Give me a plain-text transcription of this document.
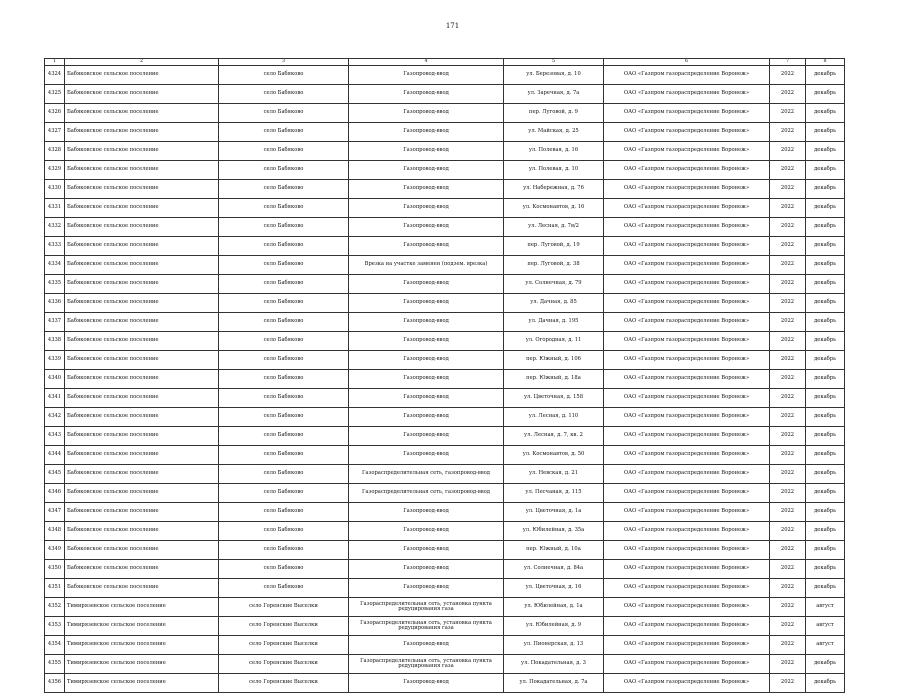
171
1	2	3	4	5	6	7	8
4324	Бабяковское сельское поселение	село Бабяково	Газопровод-ввод	ул. Березовая, д. 10	ОАО «Газпром газораспределение Воронеж»	2022	декабрь
4325	Бабяковское сельское поселение	село Бабяково	Газопровод-ввод	ул. Заречная, д. 7а	ОАО «Газпром газораспределение Воронеж»	2022	декабрь
4326	Бабяковское сельское поселение	село Бабяково	Газопровод-ввод	пер. Луговой, д. 9	ОАО «Газпром газораспределение Воронеж»	2022	декабрь
4327	Бабяковское сельское поселение	село Бабяково	Газопровод-ввод	ул. Майская, д. 25	ОАО «Газпром газораспределение Воронеж»	2022	декабрь
4328	Бабяковское сельское поселение	село Бабяково	Газопровод-ввод	ул. Полевая, д. 16	ОАО «Газпром газораспределение Воронеж»	2022	декабрь
4329	Бабяковское сельское поселение	село Бабяково	Газопровод-ввод	ул. Полевая, д. 10	ОАО «Газпром газораспределение Воронеж»	2022	декабрь
4330	Бабяковское сельское поселение	село Бабяково	Газопровод-ввод	ул. Набережная, д. 76	ОАО «Газпром газораспределение Воронеж»	2022	декабрь
4331	Бабяковское сельское поселение	село Бабяково	Газопровод-ввод	ул. Космонавтов, д. 16	ОАО «Газпром газораспределение Воронеж»	2022	декабрь
4332	Бабяковское сельское поселение	село Бабяково	Газопровод-ввод	ул. Лесная, д. 7в/2	ОАО «Газпром газораспределение Воронеж»	2022	декабрь
4333	Бабяковское сельское поселение	село Бабяково	Газопровод-ввод	пер. Луговой, д. 19	ОАО «Газпром газораспределение Воронеж»	2022	декабрь
4334	Бабяковское сельское поселение	село Бабяково	Врезка на участке заменен (подзем. врезка)	пер. Луговой, д. 38	ОАО «Газпром газораспределение Воронеж»	2022	декабрь
4335	Бабяковское сельское поселение	село Бабяково	Газопровод-ввод	ул. Солнечная, д. 79	ОАО «Газпром газораспределение Воронеж»	2022	декабрь
4336	Бабяковское сельское поселение	село Бабяково	Газопровод-ввод	ул. Дачная, д. 85	ОАО «Газпром газораспределение Воронеж»	2022	декабрь
4337	Бабяковское сельское поселение	село Бабяково	Газопровод-ввод	ул. Дачная, д. 195	ОАО «Газпром газораспределение Воронеж»	2022	декабрь
4338	Бабяковское сельское поселение	село Бабяково	Газопровод-ввод	ул. Огородная, д. 11	ОАО «Газпром газораспределение Воронеж»	2022	декабрь
4339	Бабяковское сельское поселение	село Бабяково	Газопровод-ввод	пер. Южный, д. 106	ОАО «Газпром газораспределение Воронеж»	2022	декабрь
4340	Бабяковское сельское поселение	село Бабяково	Газопровод-ввод	пер. Южный, д. 18а	ОАО «Газпром газораспределение Воронеж»	2022	декабрь
4341	Бабяковское сельское поселение	село Бабяково	Газопровод-ввод	ул. Цветочная, д. 158	ОАО «Газпром газораспределение Воронеж»	2022	декабрь
4342	Бабяковское сельское поселение	село Бабяково	Газопровод-ввод	ул. Лесная, д. 110	ОАО «Газпром газораспределение Воронеж»	2022	декабрь
4343	Бабяковское сельское поселение	село Бабяково	Газопровод-ввод	ул. Лесная, д. 7, кв. 2	ОАО «Газпром газораспределение Воронеж»	2022	декабрь
4344	Бабяковское сельское поселение	село Бабяково	Газопровод-ввод	ул. Космонавтов, д. 50	ОАО «Газпром газораспределение Воронеж»	2022	декабрь
4345	Бабяковское сельское поселение	село Бабяково	Газораспределительная сеть, газопровод-ввод	ул. Невская, д. 21	ОАО «Газпром газораспределение Воронеж»	2022	декабрь
4346	Бабяковское сельское поселение	село Бабяково	Газораспределительная сеть, газопровод-ввод	ул. Песчаная, д. 115	ОАО «Газпром газораспределение Воронеж»	2022	декабрь
4347	Бабяковское сельское поселение	село Бабяково	Газопровод-ввод	ул. Цветочная, д. 1а	ОАО «Газпром газораспределение Воронеж»	2022	декабрь
4348	Бабяковское сельское поселение	село Бабяково	Газопровод-ввод	ул. Юбилейная, д. 35а	ОАО «Газпром газораспределение Воронеж»	2022	декабрь
4349	Бабяковское сельское поселение	село Бабяково	Газопровод-ввод	пер. Южный, д. 10а	ОАО «Газпром газораспределение Воронеж»	2022	декабрь
4350	Бабяковское сельское поселение	село Бабяково	Газопровод-ввод	ул. Солнечная, д. 84а	ОАО «Газпром газораспределение Воронеж»	2022	декабрь
4351	Бабяковское сельское поселение	село Бабяково	Газопровод-ввод	ул. Цветочная, д. 16	ОАО «Газпром газораспределение Воронеж»	2022	декабрь
4352	Тимирязевское сельское поселение	село Горенские Выселки	Газораспределительная сеть, установка пункта редуцирования газа	ул. Юбилейная, д. 1а	ОАО «Газпром газораспределение Воронеж»	2022	август
4353	Тимирязевское сельское поселение	село Горенские Выселки	Газораспределительная сеть, установка пункта редуцирования газа	ул. Юбилейная, д. 9	ОАО «Газпром газораспределение Воронеж»	2022	август
4354	Тимирязевское сельское поселение	село Горенские Выселки	Газопровод-ввод	ул. Пионерская, д. 13	ОАО «Газпром газораспределение Воронеж»	2022	август
4355	Тимирязевское сельское поселение	село Горенские Выселки	Газораспределительная сеть, установка пункта редуцирования газа	ул. Покадательная, д. 3	ОАО «Газпром газораспределение Воронеж»	2022	декабрь
4356	Тимирязевское сельское поселение	село Горенские Выселки	Газопровод-ввод	ул. Покадательная, д. 7а	ОАО «Газпром газораспределение Воронеж»	2022	декабрь
